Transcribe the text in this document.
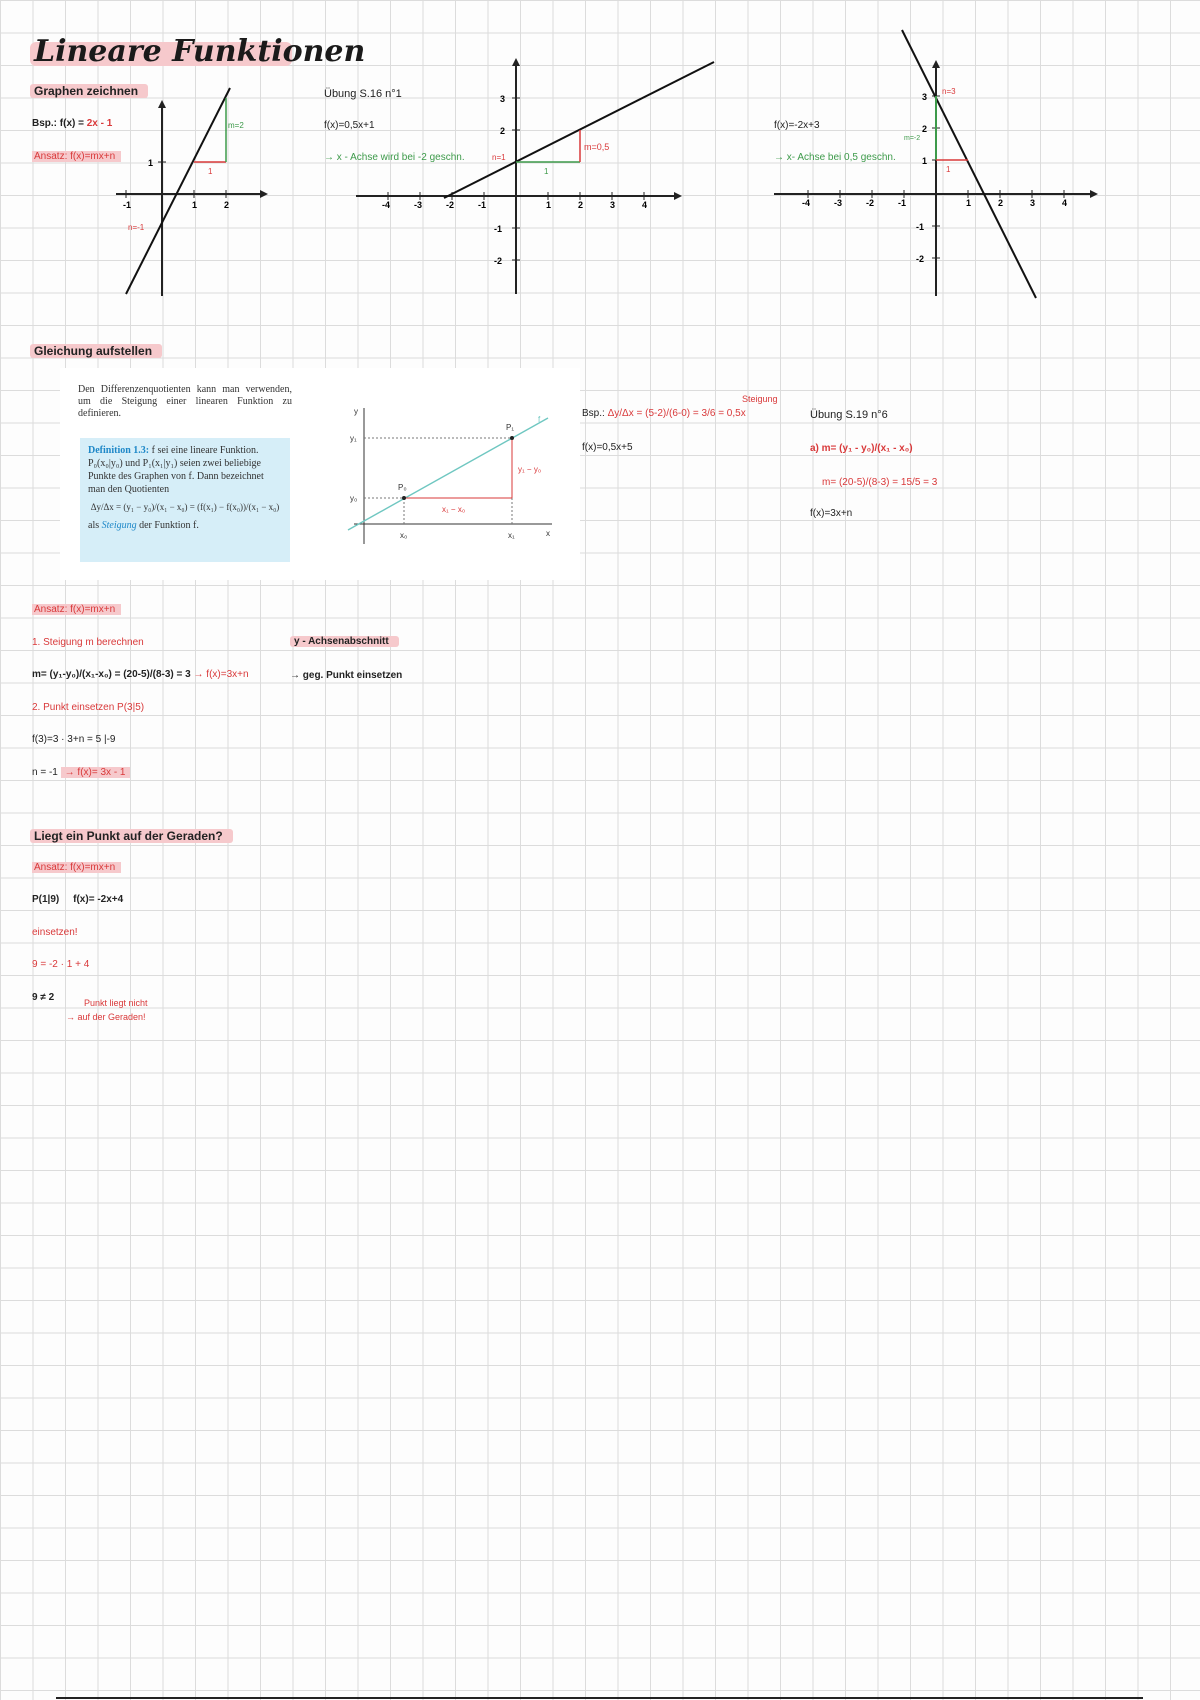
Lineare Funktionen
Graphen zeichnen
Bsp.: f(x) = 2x - 1
Ansatz: f(x)=mx+n
-1	1	2
1
1
m=2
n=-1
Übung S.16 n°1
f(x)=0,5x+1
→ x - Achse wird bei -2 geschn.
-4	-3	-2	-1	1	2	3	4
3
2
-1
-2
1
m=0,5
n=1
f(x)=-2x+3
→ x- Achse bei 0,5 geschn.
-4	-3	-2	-1	1	2	3	4
3
2
1
-1
-2
1
m=-2
n=3
Gleichung aufstellen
Den Differenzenquotienten kann man verwenden, um die Steigung einer linearen Funktion zu definieren.
Definition 1.3: f sei eine lineare Funktion. P₀(x₀|y₀) und P₁(x₁|y₁) seien zwei beliebige Punkte des Graphen von f. Dann bezeichnet man den Quotienten
Δy/Δx = (y₁ − y₀)/(x₁ − x₀) = (f(x₁) − f(x₀))/(x₁ − x₀)
als Steigung der Funktion f.
y
x
y₁
y₀
x₀	x₁
P₁
P₀
y₁ − y₀
x₁ − x₀
f
Bsp.: Δy/Δx = (5-2)/(6-0) = 3/6 = 0,5x
Steigung
f(x)=0,5x+5
Übung S.19 n°6
a) m= (y₁ - y₀)/(x₁ - x₀)
m= (20-5)/(8-3) = 15/5 = 3
f(x)=3x+n
Ansatz: f(x)=mx+n
1. Steigung m berechnen
m= (y₁-y₀)/(x₁-x₀) = (20-5)/(8-3) = 3 → f(x)=3x+n
2. Punkt einsetzen P(3|5)
f(3)=3 · 3+n = 5 |-9
n = -1 → f(x)= 3x - 1
y - Achsenabschnitt
→ geg. Punkt einsetzen
Liegt ein Punkt auf der Geraden?
Ansatz: f(x)=mx+n
P(1|9)     f(x)= -2x+4
einsetzen!
9 = -2 · 1 + 4
9 ≠ 2	Punkt liegt nicht
→ auf der Geraden!
